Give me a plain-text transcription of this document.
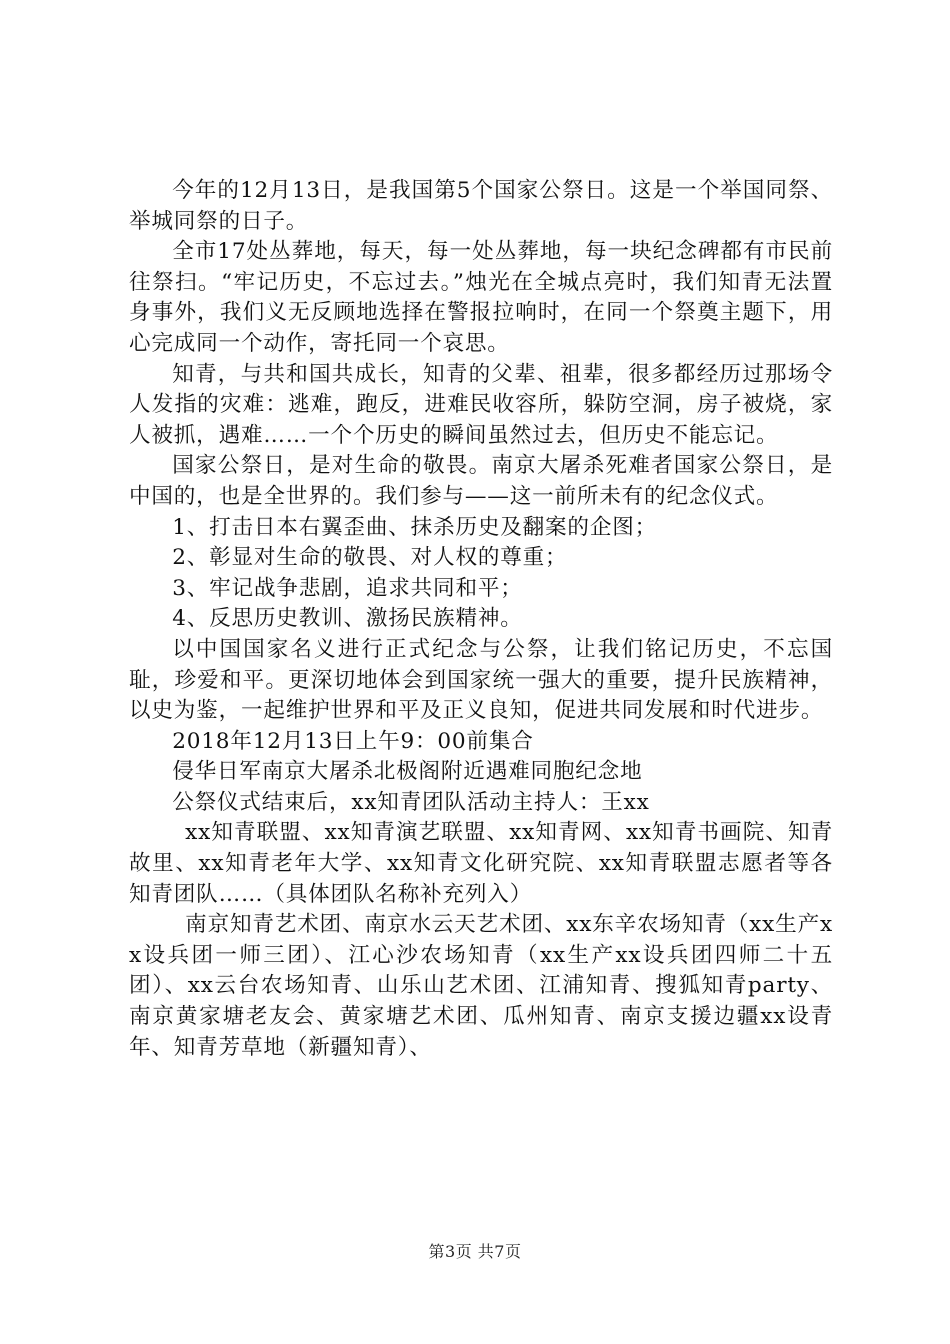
今年的12月13日，是我国第5个国家公祭日。这是一个举国同祭、举城同祭的日子。

全市17处丛葬地，每天，每一处丛葬地，每一块纪念碑都有市民前往祭扫。“牢记历史，不忘过去。”烛光在全城点亮时，我们知青无法置身事外，我们义无反顾地选择在警报拉响时，在同一个祭奠主题下，用心完成同一个动作，寄托同一个哀思。

知青，与共和国共成长，知青的父辈、祖辈，很多都经历过那场令人发指的灾难：逃难，跑反，进难民收容所，躲防空洞，房子被烧，家人被抓，遇难……一个个历史的瞬间虽然过去，但历史不能忘记。

国家公祭日，是对生命的敬畏。南京大屠杀死难者国家公祭日，是中国的，也是全世界的。我们参与——这一前所未有的纪念仪式。

1、打击日本右翼歪曲、抹杀历史及翻案的企图；

2、彰显对生命的敬畏、对人权的尊重；

3、牢记战争悲剧，追求共同和平；

4、反思历史教训、激扬民族精神。

以中国国家名义进行正式纪念与公祭，让我们铭记历史，不忘国耻，珍爱和平。更深切地体会到国家统一强大的重要，提升民族精神，以史为鉴，一起维护世界和平及正义良知，促进共同发展和时代进步。

2018年12月13日上午9：00前集合

侵华日军南京大屠杀北极阁附近遇难同胞纪念地

公祭仪式结束后，xx知青团队活动主持人：王xx

xx知青联盟、xx知青演艺联盟、xx知青网、xx知青书画院、知青故里、xx知青老年大学、xx知青文化研究院、xx知青联盟志愿者等各知青团队……（具体团队名称补充列入）

南京知青艺术团、南京水云天艺术团、xx东辛农场知青（xx生产xx设兵团一师三团）、江心沙农场知青（xx生产xx设兵团四师二十五团）、xx云台农场知青、山乐山艺术团、江浦知青、搜狐知青party、南京黄家塘老友会、黄家塘艺术团、瓜州知青、南京支援边疆xx设青年、知青芳草地（新疆知青）、

第3页 共7页
